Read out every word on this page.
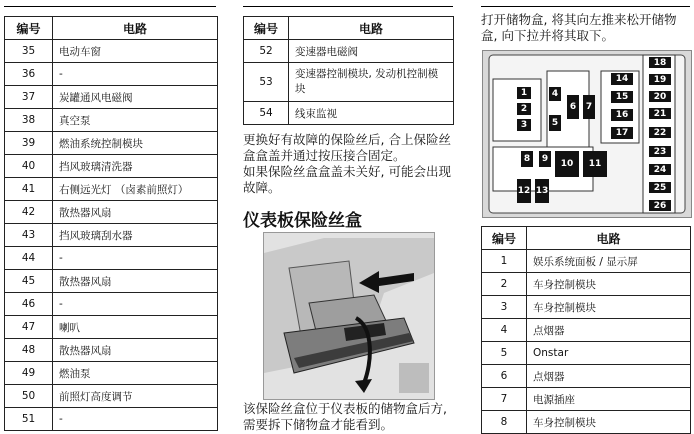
编号	电路
35	电动车窗
36	-
37	炭罐通风电磁阀
38	真空泵
39	燃油系统控制模块
40	挡风玻璃清洗器
41	右侧远光灯 （卤素前照灯）
42	散热器风扇
43	挡风玻璃刮水器
44	-
45	散热器风扇
46	-
47	喇叭
48	散热器风扇
49	燃油泵
50	前照灯高度调节
51	-
编号	电路
52	变速器电磁阀
53	变速器控制模块, 发动机控制模块
54	线束监视
更换好有故障的保险丝后, 合上保险丝盒盒盖并通过按压接合固定。
如果保险丝盒盒盖未关好, 可能会出现故障。
仪表板保险丝盒
该保险丝盒位于仪表板的储物盒后方, 需要拆下储物盒才能看到。
打开储物盒, 将其向左推来松开储物盒, 向下拉并将其取下。
1
2
3
4
5
6	7
8	9	10	11
12 13
14
15
16
17
18
19
20
21
22
23
24
25
26
编号	电路
1	娱乐系统面板 / 显示屏
2	车身控制模块
3	车身控制模块
4	点烟器
5	Onstar
6	点烟器
7	电源插座
8	车身控制模块
